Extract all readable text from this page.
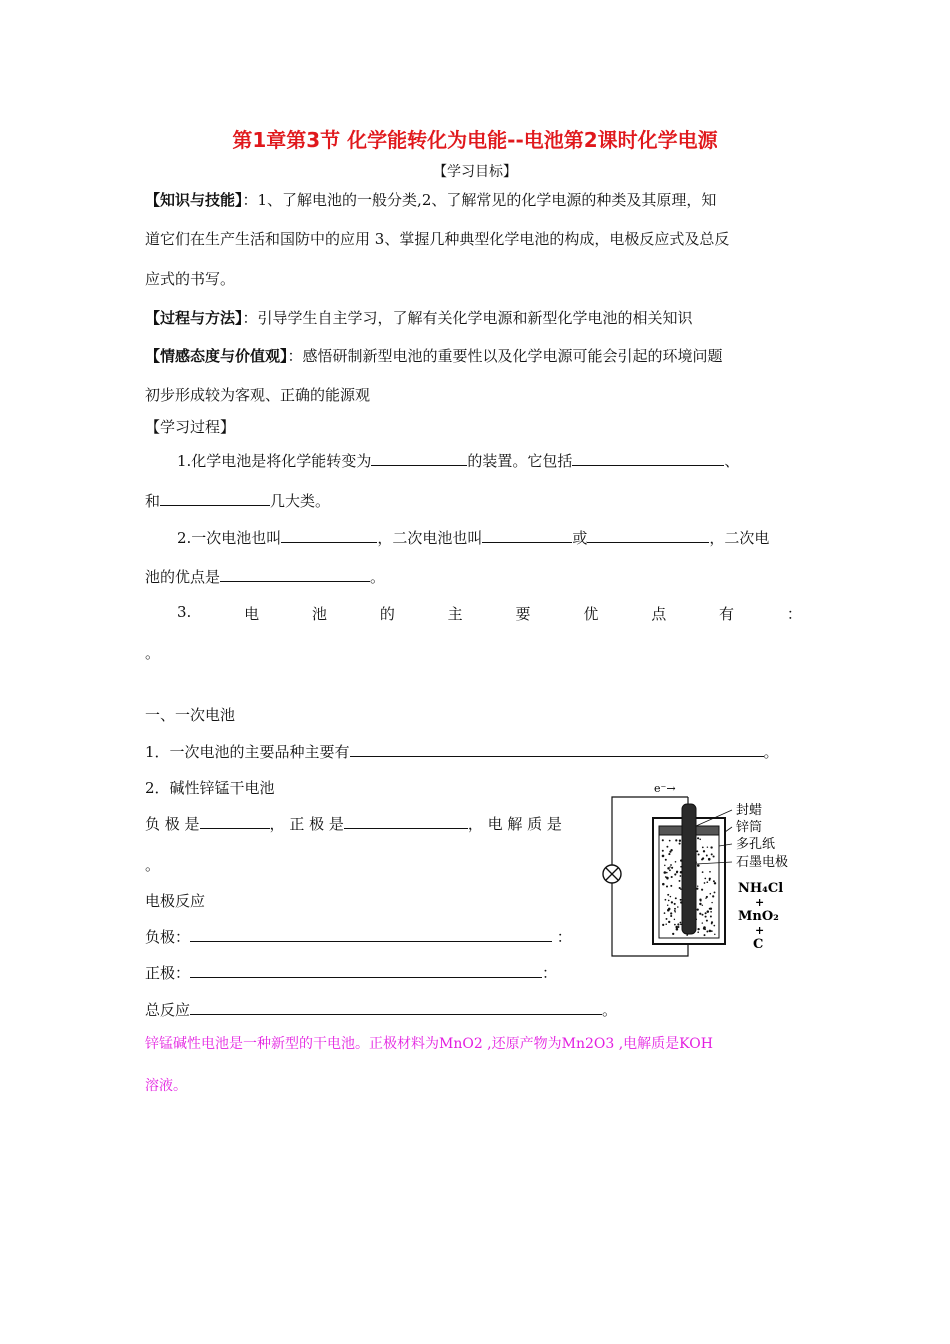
第1章第3节 化学能转化为电能--电池第2课时化学电源
【学习目标】
【知识与技能】：1、了解电池的一般分类,2、了解常见的化学电源的种类及其原理，知
道它们在生产生活和国防中的应用 3、掌握几种典型化学电池的构成，电极反应式及总反
应式的书写。
【过程与方法】：引导学生自主学习，了解有关化学电源和新型化学电池的相关知识
【情感态度与价值观】：感悟研制新型电池的重要性以及化学电源可能会引起的环境问题
初步形成较为客观、正确的能源观
【学习过程】
1.化学电池是将化学能转变为	的装置。它包括	、
和	几大类。
2.一次电池也叫	，二次电池也叫	或	，二次电
池的优点是	。
3.	电	池	的	主	要	优	点	有	：
。
一、一次电池
1．一次电池的主要品种主要有	。
2．碱性锌锰干电池
负 极 是	， 正 极 是	， 电 解 质 是
。
电极反应
负极：	：
正极：	：
总反应	。
锌锰碱性电池是一种新型的干电池。正极材料为MnO2 ,还原产物为Mn2O3 ,电解质是KOH
溶液。
e⁻→
封蜡
锌筒
多孔纸
石墨电极
NH₄Cl
+
MnO₂
+
C
